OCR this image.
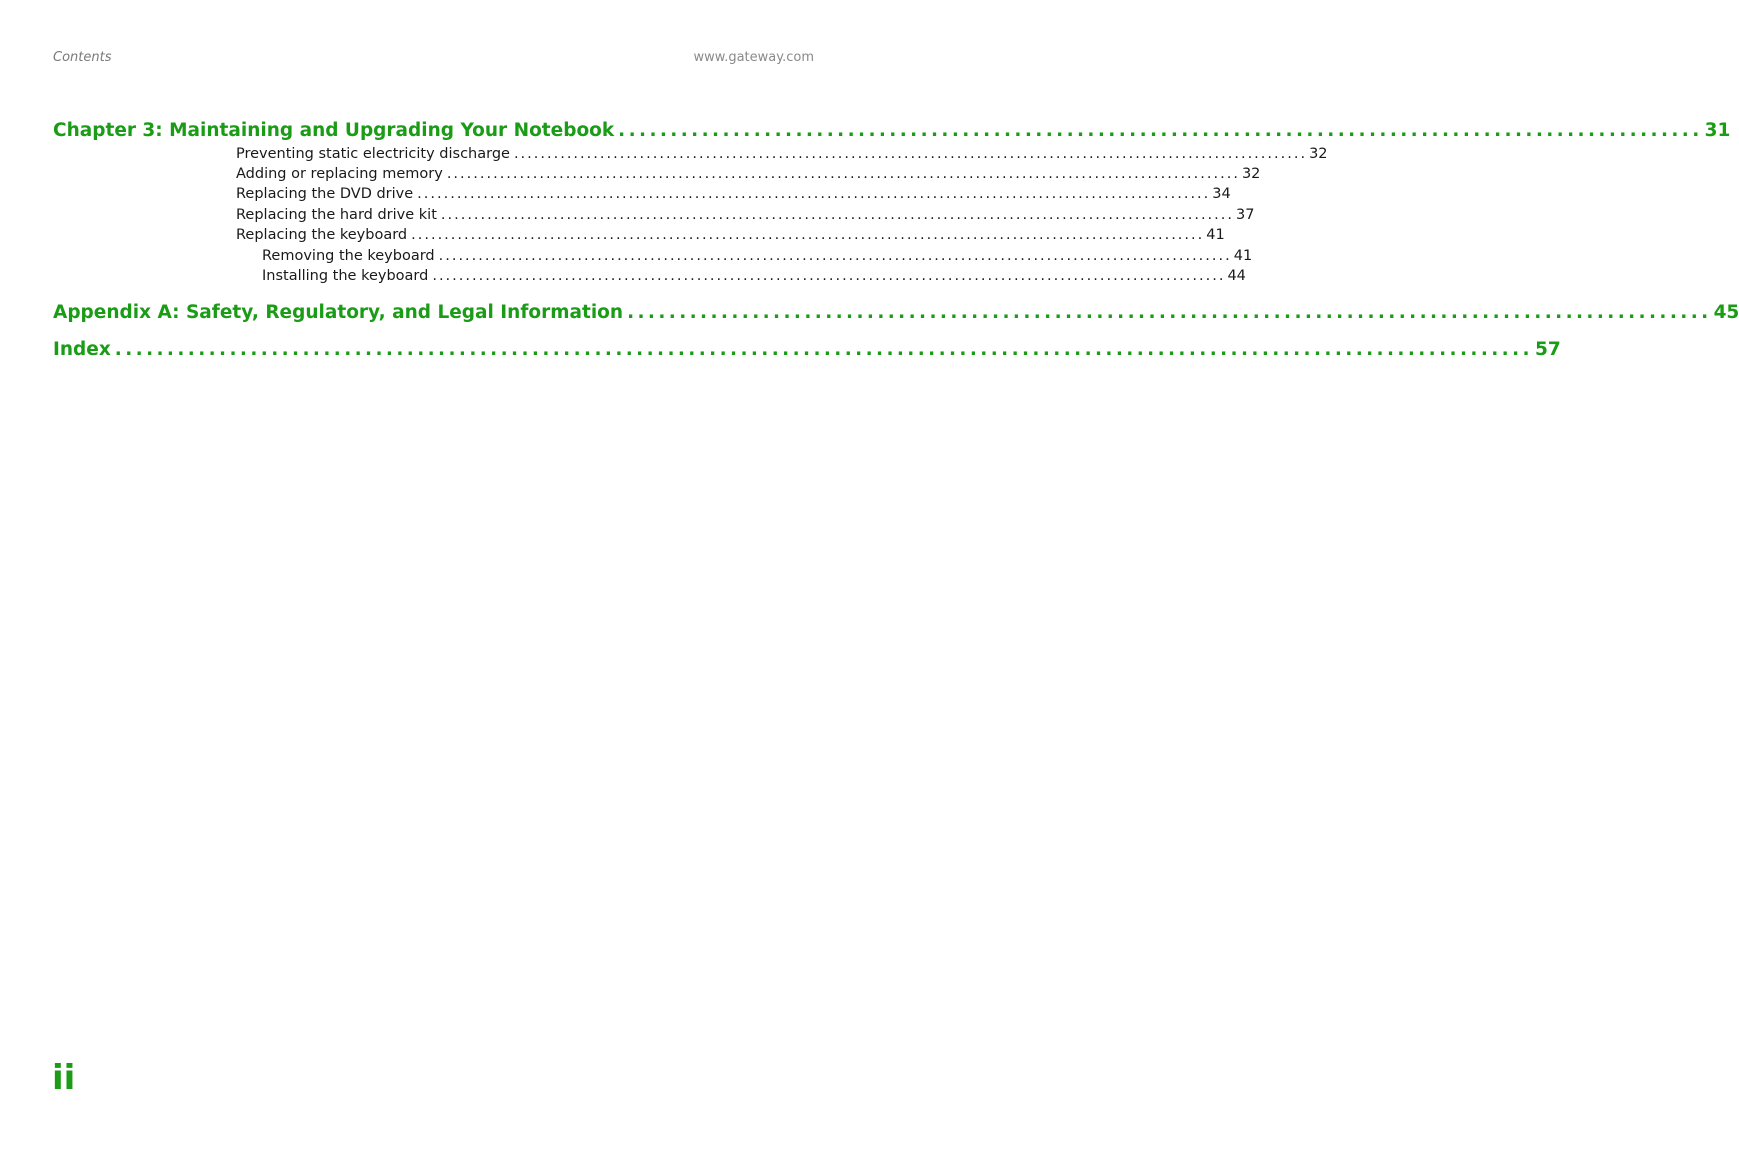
Contents	www.gateway.com
Chapter 3: Maintaining and Upgrading Your Notebook ........................................................................................................ 31
Preventing static electricity discharge ........................................................................................................................ 32
Adding or replacing memory ........................................................................................................................ 32
Replacing the DVD drive ........................................................................................................................ 34
Replacing the hard drive kit ........................................................................................................................ 37
Replacing the keyboard ........................................................................................................................ 41
Removing the keyboard ........................................................................................................................ 41
Installing the keyboard ........................................................................................................................ 44
Appendix A: Safety, Regulatory, and Legal Information ........................................................................................................ 45
Index ........................................................................................................................................ 57
ii
